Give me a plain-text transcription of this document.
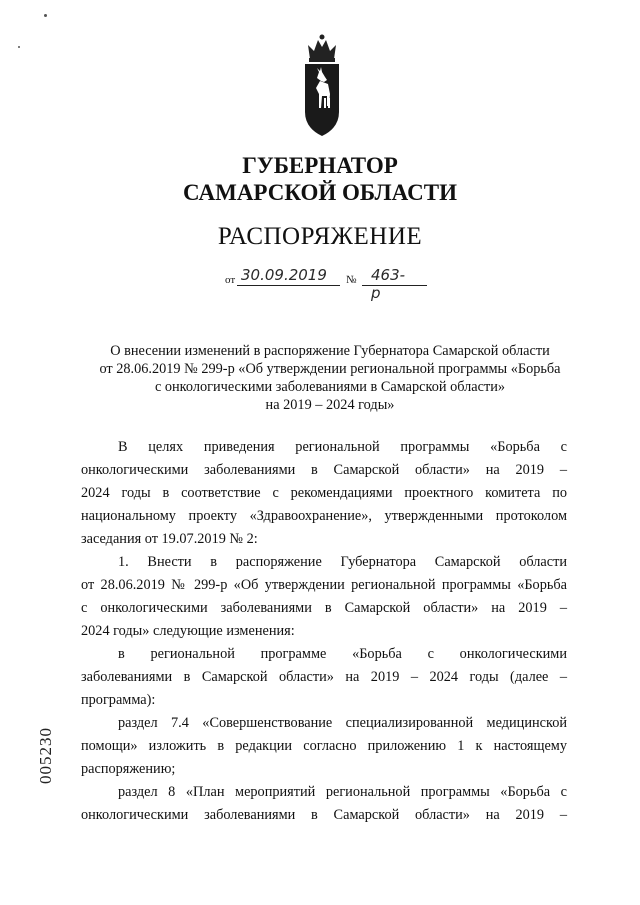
ГУБЕРНАТОР
САМАРСКОЙ ОБЛАСТИ
РАСПОРЯЖЕНИЕ
от 30.09.2019 № 463-р
О внесении изменений в распоряжение Губернатора Самарской области
от 28.06.2019 № 299-р «Об утверждении региональной программы «Борьба
с онкологическими заболеваниями в Самарской области»
на 2019 – 2024 годы»

В целях приведения региональной программы «Борьба с

онкологическими заболеваниями в Самарской области» на 2019 –

2024 годы в соответствие с рекомендациями проектного комитета по

национальному проекту «Здравоохранение», утвержденными протоколом

заседания от 19.07.2019 № 2:

1. Внести в распоряжение Губернатора Самарской области

от 28.06.2019 № 299-р «Об утверждении региональной программы «Борьба

с онкологическими заболеваниями в Самарской области» на 2019 –

2024 годы» следующие изменения:

в региональной программе «Борьба с онкологическими

заболеваниями в Самарской области» на 2019 – 2024 годы (далее –

программа):

раздел 7.4 «Совершенствование специализированной медицинской

помощи» изложить в редакции согласно приложению 1 к настоящему

распоряжению;

раздел 8 «План мероприятий региональной программы «Борьба с

онкологическими заболеваниями в Самарской области» на 2019 –

005230
